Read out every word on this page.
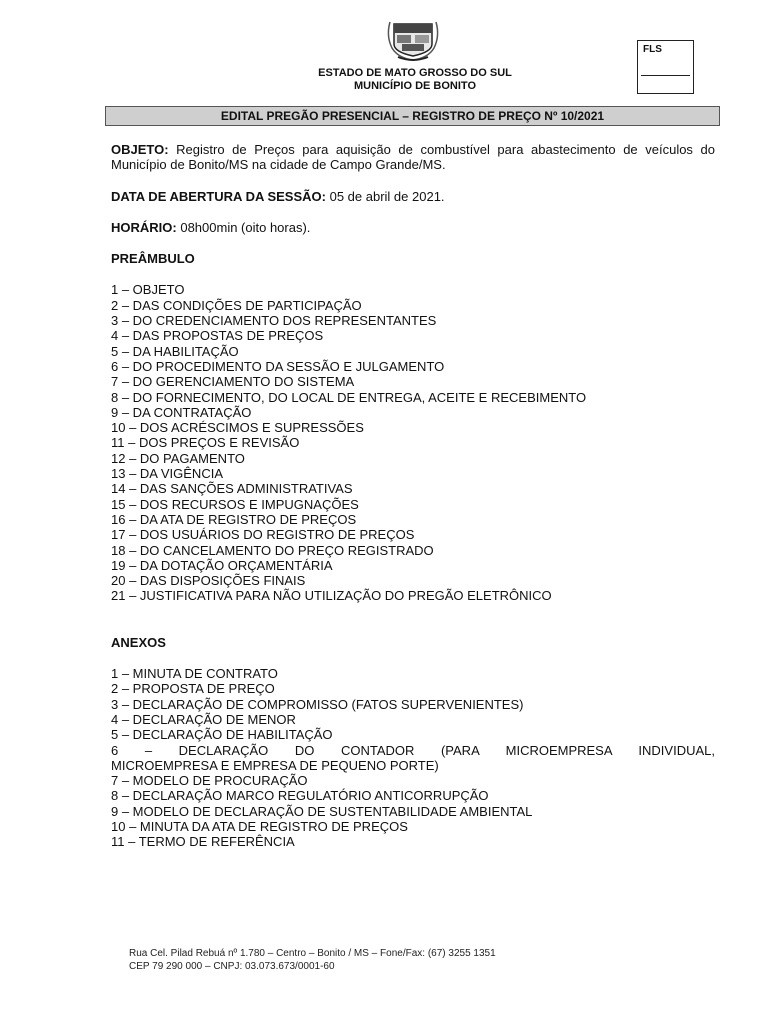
FLS
ESTADO DE MATO GROSSO DO SUL
MUNICÍPIO DE BONITO
EDITAL PREGÃO PRESENCIAL – REGISTRO DE PREÇO Nº 10/2021

OBJETO: Registro de Preços para aquisição de combustível para abastecimento de veículos do Município de Bonito/MS na cidade de Campo Grande/MS.

DATA DE ABERTURA DA SESSÃO: 05 de abril de 2021.

HORÁRIO: 08h00min (oito horas).

PREÂMBULO
1 – OBJETO
2 – DAS CONDIÇÕES DE PARTICIPAÇÃO
3 – DO CREDENCIAMENTO DOS REPRESENTANTES
4 – DAS PROPOSTAS DE PREÇOS
5 – DA HABILITAÇÃO
6 – DO PROCEDIMENTO DA SESSÃO E JULGAMENTO
7 – DO GERENCIAMENTO DO SISTEMA
8 – DO FORNECIMENTO, DO LOCAL DE ENTREGA, ACEITE E RECEBIMENTO
9 – DA CONTRATAÇÃO
10 – DOS ACRÉSCIMOS E SUPRESSÕES
11 – DOS PREÇOS E REVISÃO
12 – DO PAGAMENTO
13 – DA VIGÊNCIA
14 – DAS SANÇÕES ADMINISTRATIVAS
15 – DOS RECURSOS E IMPUGNAÇÕES
16 – DA ATA DE REGISTRO DE PREÇOS
17 – DOS USUÁRIOS DO REGISTRO DE PREÇOS
18 – DO CANCELAMENTO DO PREÇO REGISTRADO
19 – DA DOTAÇÃO ORÇAMENTÁRIA
20 – DAS DISPOSIÇÕES FINAIS
21 – JUSTIFICATIVA PARA NÃO UTILIZAÇÃO DO PREGÃO ELETRÔNICO
ANEXOS
1 – MINUTA DE CONTRATO
2 – PROPOSTA DE PREÇO
3 – DECLARAÇÃO DE COMPROMISSO (FATOS SUPERVENIENTES)
4 – DECLARAÇÃO DE MENOR
5 – DECLARAÇÃO DE HABILITAÇÃO
6 – DECLARAÇÃO DO CONTADOR (PARA MICROEMPRESA INDIVIDUAL,
MICROEMPRESA E EMPRESA DE PEQUENO PORTE)
7 – MODELO DE PROCURAÇÃO
8 – DECLARAÇÃO MARCO REGULATÓRIO ANTICORRUPÇÃO
9 – MODELO DE DECLARAÇÃO DE SUSTENTABILIDADE AMBIENTAL
10 – MINUTA DA ATA DE REGISTRO DE PREÇOS
11 – TERMO DE REFERÊNCIA
Rua Cel. Pilad Rebuá nº 1.780 – Centro – Bonito / MS – Fone/Fax: (67) 3255 1351
CEP 79 290 000 – CNPJ: 03.073.673/0001-60
